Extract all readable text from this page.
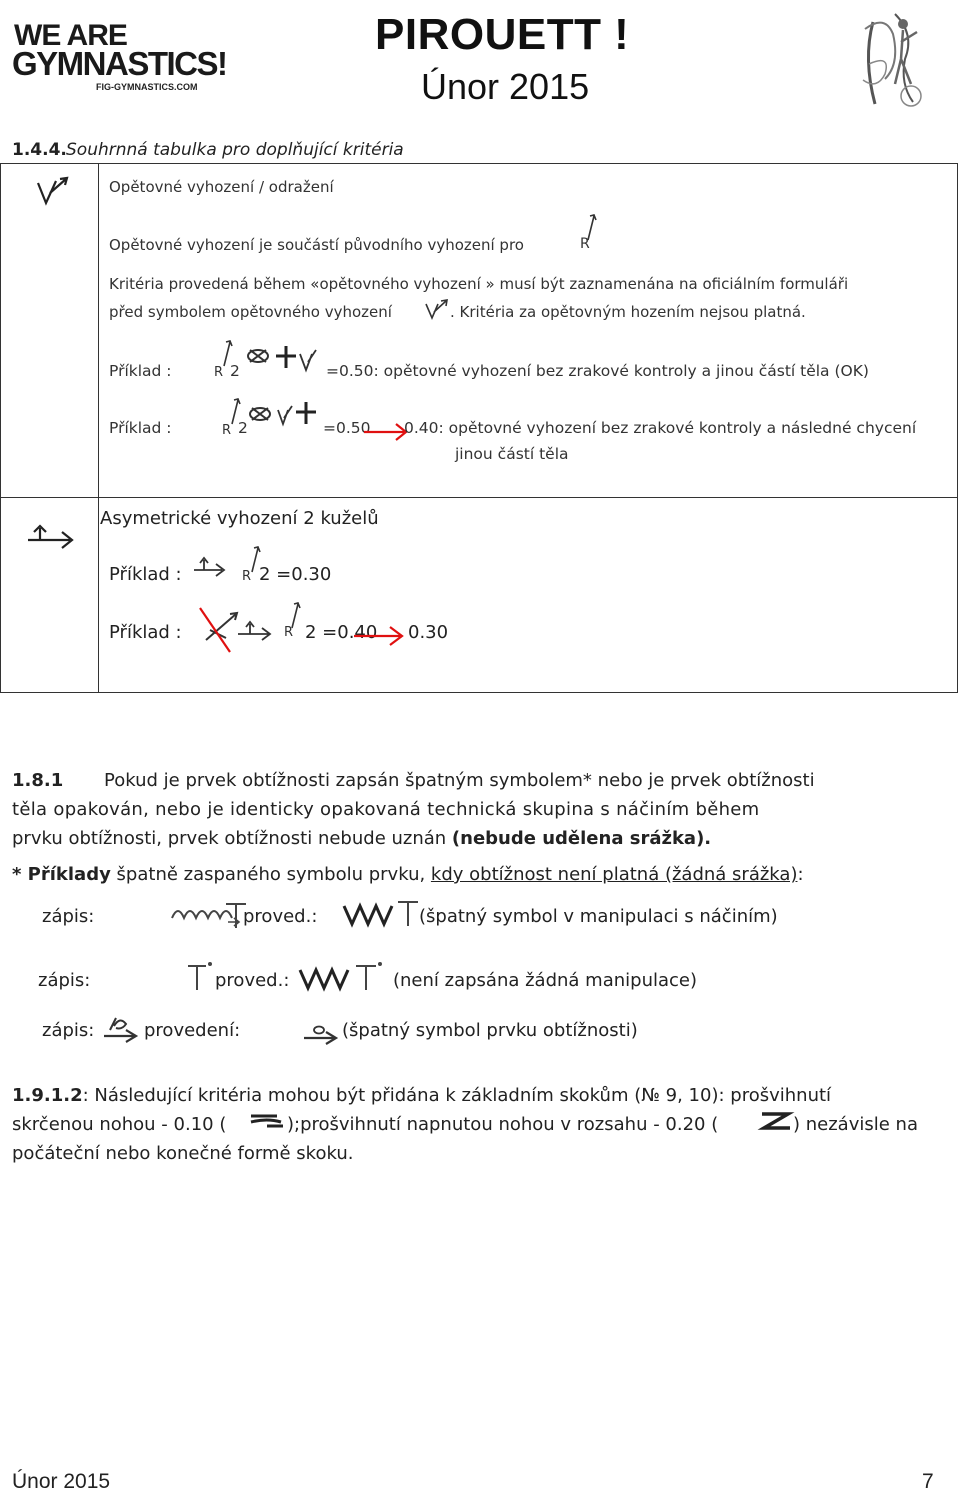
WE ARE
GYMNASTICS!
FIG-GYMNASTICS.COM
PIROUETT !
Únor 2015
1.4.4. Souhrnná tabulka pro doplňující kritéria
Opětovné vyhození / odražení
Opětovné vyhození je součástí původního vyhození pro	R
Kritéria provedená během «opětovného vyhození » musí být zaznamenána na oficiálním formuláři
před symbolem opětovného vyhození	. Kritéria za opětovným hozením nejsou platná.
Příklad :	R 2	=0.50: opětovné vyhození bez zrakové kontroly a jinou částí těla (OK)
Příklad :	R 2	=0.50 0.40: opětovné vyhození bez zrakové kontroly a následné chycení
jinou částí těla
Asymetrické vyhození 2 kuželů
Příklad :	R 2 =0.30
Příklad :	R 2 =0.40 0.30
1.8.1 Pokud je prvek obtížnosti zapsán špatným symbolem* nebo je prvek obtížnosti
těla opakován, nebo je identicky opakovaná technická skupina s náčiním během
prvku obtížnosti, prvek obtížnosti nebude uznán (nebude udělena srážka).
* Příklady špatně zaspaného symbolu prvku, kdy obtížnost není platná (žádná srážka):
zápis:	proved.:	(špatný symbol v manipulaci s náčiním)
zápis:	proved.:	(není zapsána žádná manipulace)
zápis:	provedení:	(špatný symbol prvku obtížnosti)
1.9.1.2: Následující kritéria mohou být přidána k základním skokům (№ 9, 10): prošvihnutí
skrčenou nohou - 0.10 (	);prošvihnutí napnutou nohou v rozsahu - 0.20 (	) nezávisle na
počáteční nebo konečné formě skoku.
Únor 2015	7
